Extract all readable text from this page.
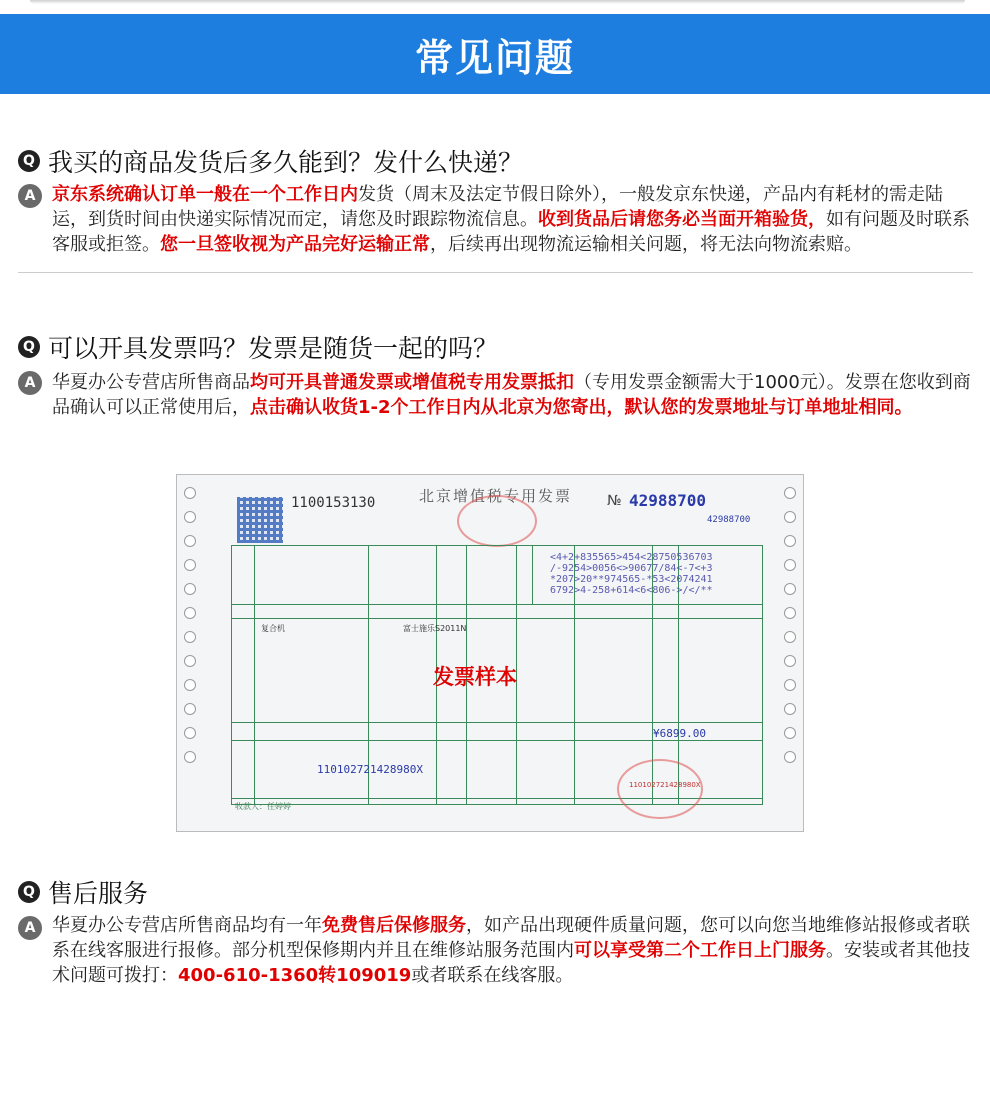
常见问题
Q 我买的商品发货后多久能到？发什么快递？
A 京东系统确认订单一般在一个工作日内发货（周末及法定节假日除外），一般发京东快递，产品内有耗材的需走陆运，到货时间由快递实际情况而定，请您及时跟踪物流信息。收到货品后请您务必当面开箱验货，如有问题及时联系客服或拒签。您一旦签收视为产品完好运输正常，后续再出现物流运输相关问题，将无法向物流索赔。
Q 可以开具发票吗？发票是随货一起的吗？
A 华夏办公专营店所售商品均可开具普通发票或增值税专用发票抵扣（专用发票金额需大于1000元）。发票在您收到商品确认可以正常使用后，点击确认收货1-2个工作日内从北京为您寄出，默认您的发票地址与订单地址相同。
1100153130	北京增值税专用发票 № 42988700
42988700
<4+2+835565>454<28750536703
/-9254>0056<>90677/84<-7<+3
*207>20**974565-*53<2074241
6792>4-258+614<6<806->/</**
复合机	富士施乐S2011N
发票样本
¥6899.00
110102721428980X
收款人：任婷婷
110102721428980X
Q 售后服务
A 华夏办公专营店所售商品均有一年免费售后保修服务，如产品出现硬件质量问题，您可以向您当地维修站报修或者联系在线客服进行报修。部分机型保修期内并且在维修站服务范围内可以享受第二个工作日上门服务。安装或者其他技术问题可拨打：400-610-1360转109019或者联系在线客服。
